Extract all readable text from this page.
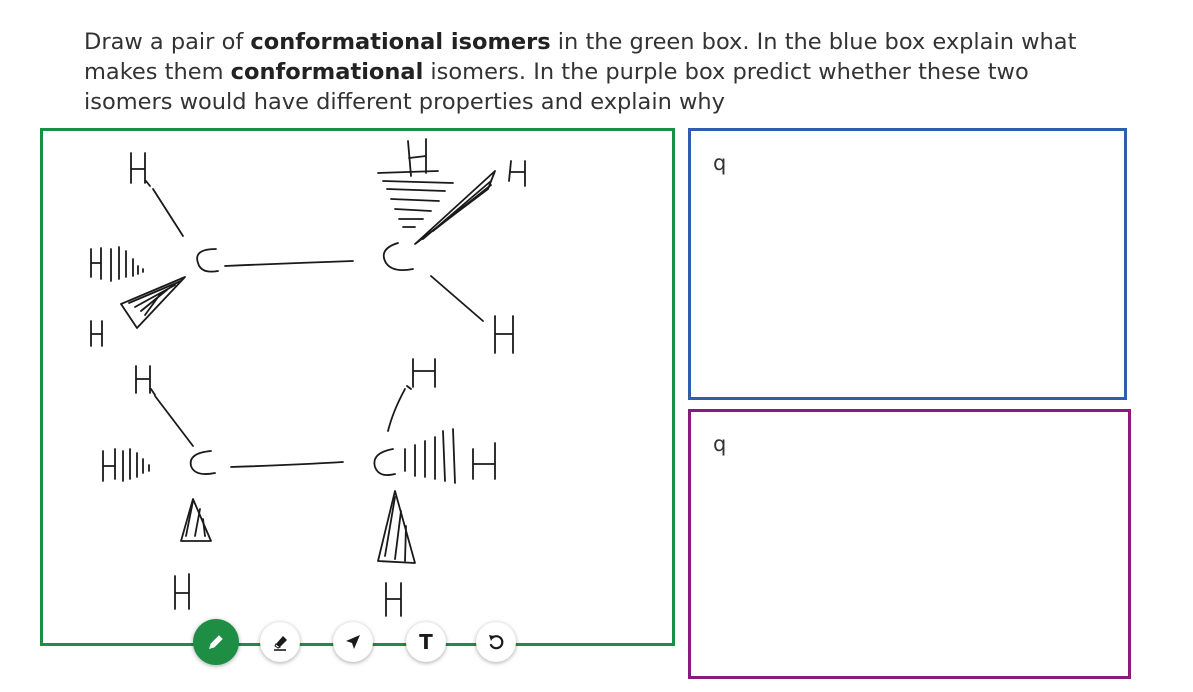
Draw a pair of conformational isomers in the green box. In the blue box explain what
makes them conformational isomers. In the purple box predict whether these two
isomers would have different properties and explain why
q
q
T
